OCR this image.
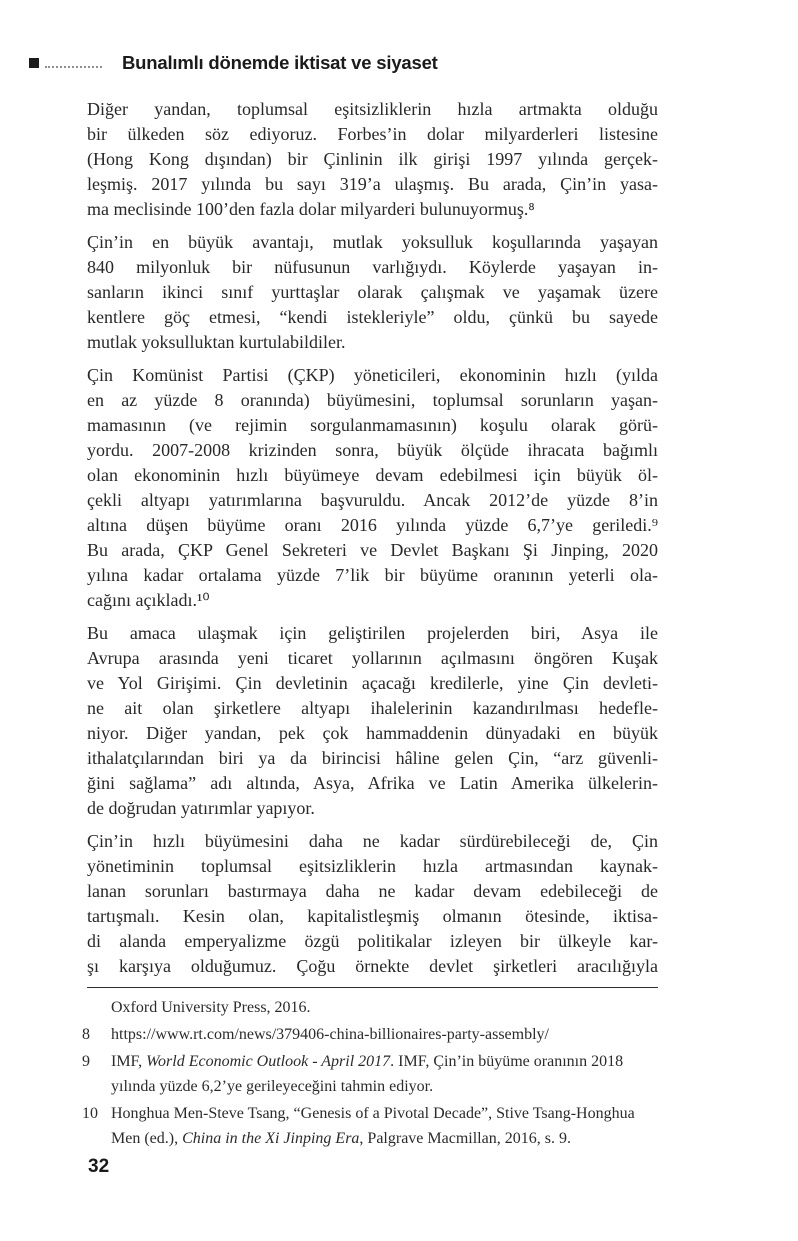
Bunalımlı dönemde iktisat ve siyaset
Diğer yandan, toplumsal eşitsizliklerin hızla artmakta olduğu
bir ülkeden söz ediyoruz. Forbes’in dolar milyarderleri listesine
(Hong Kong dışından) bir Çinlinin ilk girişi 1997 yılında gerçek-
leşmiş. 2017 yılında bu sayı 319’a ulaşmış. Bu arada, Çin’in yasa-
ma meclisinde 100’den fazla dolar milyarderi bulunuyormuş.⁸
Çin’in en büyük avantajı, mutlak yoksulluk koşullarında yaşayan
840 milyonluk bir nüfusunun varlığıydı. Köylerde yaşayan in-
sanların ikinci sınıf yurttaşlar olarak çalışmak ve yaşamak üzere
kentlere göç etmesi, “kendi istekleriyle” oldu, çünkü bu sayede
mutlak yoksulluktan kurtulabildiler.
Çin Komünist Partisi (ÇKP) yöneticileri, ekonominin hızlı (yılda
en az yüzde 8 oranında) büyümesini, toplumsal sorunların yaşan-
mamasının (ve rejimin sorgulanmamasının) koşulu olarak görü-
yordu. 2007-2008 krizinden sonra, büyük ölçüde ihracata bağımlı
olan ekonominin hızlı büyümeye devam edebilmesi için büyük öl-
çekli altyapı yatırımlarına başvuruldu. Ancak 2012’de yüzde 8’in
altına düşen büyüme oranı 2016 yılında yüzde 6,7’ye geriledi.⁹
Bu arada, ÇKP Genel Sekreteri ve Devlet Başkanı Şi Jinping, 2020
yılına kadar ortalama yüzde 7’lik bir büyüme oranının yeterli ola-
cağını açıkladı.¹⁰
Bu amaca ulaşmak için geliştirilen projelerden biri, Asya ile
Avrupa arasında yeni ticaret yollarının açılmasını öngören Kuşak
ve Yol Girişimi. Çin devletinin açacağı kredilerle, yine Çin devleti-
ne ait olan şirketlere altyapı ihalelerinin kazandırılması hedefle-
niyor. Diğer yandan, pek çok hammaddenin dünyadaki en büyük
ithalatçılarından biri ya da birincisi hâline gelen Çin, “arz güvenli-
ğini sağlama” adı altında, Asya, Afrika ve Latin Amerika ülkelerin-
de doğrudan yatırımlar yapıyor.
Çin’in hızlı büyümesini daha ne kadar sürdürebileceği de, Çin
yönetiminin toplumsal eşitsizliklerin hızla artmasından kaynak-
lanan sorunları bastırmaya daha ne kadar devam edebileceği de
tartışmalı. Kesin olan, kapitalistleşmiş olmanın ötesinde, iktisa-
di alanda emperyalizme özgü politikalar izleyen bir ülkeyle kar-
şı karşıya olduğumuz. Çoğu örnekte devlet şirketleri aracılığıyla
Oxford University Press, 2016.
8	https://www.rt.com/news/379406-china-billionaires-party-assembly/
9	IMF, World Economic Outlook - April 2017. IMF, Çin’in büyüme oranının 2018
yılında yüzde 6,2’ye gerileyeceğini tahmin ediyor.
10 Honghua Men-Steve Tsang, “Genesis of a Pivotal Decade”, Stive Tsang-Honghua
Men (ed.), China in the Xi Jinping Era, Palgrave Macmillan, 2016, s. 9.
32
